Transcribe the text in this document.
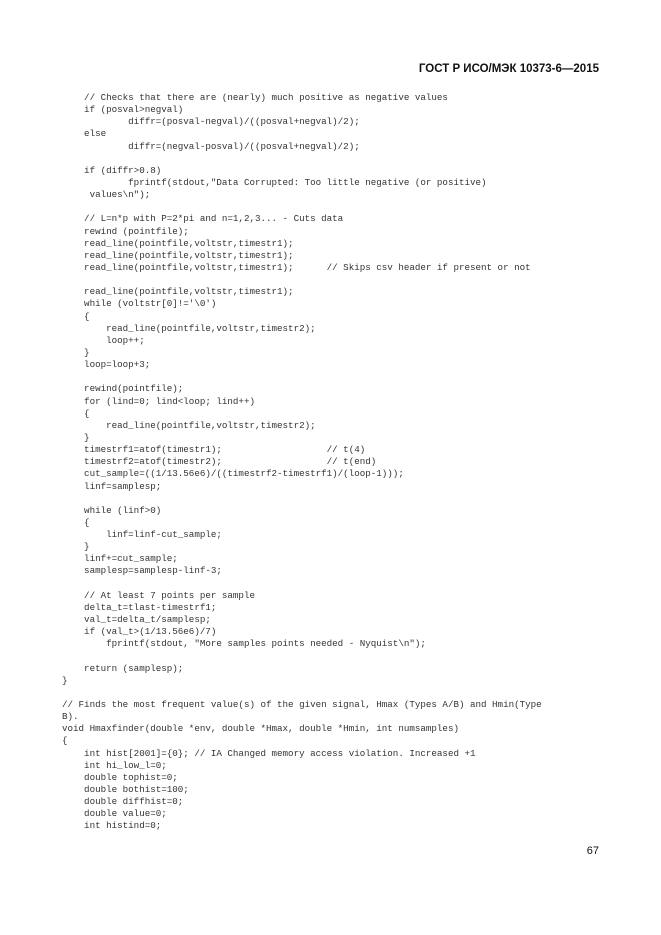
ГОСТ Р ИСО/МЭК 10373-6—2015
// Checks that there are (nearly) much positive as negative values
if (posval>negval)
diffr=(posval-negval)/((posval+negval)/2);
else
diffr=(negval-posval)/((posval+negval)/2);
if (diffr>0.8)
fprintf(stdout,"Data Corrupted: Too little negative (or positive)
values\n");
// L=n*p with P=2*pi and n=1,2,3... - Cuts data
rewind (pointfile);
read_line(pointfile,voltstr,timestr1);
read_line(pointfile,voltstr,timestr1);
read_line(pointfile,voltstr,timestr1);      // Skips csv header if present or not
read_line(pointfile,voltstr,timestr1);
while (voltstr[0]!='\0')
{
read_line(pointfile,voltstr,timestr2);
loop++;
}
loop=loop+3;
rewind(pointfile);
for (lind=0; lind<loop; lind++)
{
read_line(pointfile,voltstr,timestr2);
}
timestrf1=atof(timestr1);                   // t(4)
timestrf2=atof(timestr2);                   // t(end)
cut_sample=((1/13.56e6)/((timestrf2-timestrf1)/(loop-1)));
linf=samplesp;
while (linf>0)
{
linf=linf-cut_sample;
}
linf+=cut_sample;
samplesp=samplesp-linf-3;
// At least 7 points per sample
delta_t=tlast-timestrf1;
val_t=delta_t/samplesp;
if (val_t>(1/13.56e6)/7)
fprintf(stdout, "More samples points needed - Nyquist\n");
return (samplesp);
}
// Finds the most frequent value(s) of the given signal, Hmax (Types A/B) and Hmin(Type
B).
void Hmaxfinder(double *env, double *Hmax, double *Hmin, int numsamples)
{
int hist[2001]={0}; // IA Changed memory access violation. Increased +1
int hi_low_l=0;
double tophist=0;
double bothist=100;
double diffhist=0;
double value=0;
int histind=0;
67
